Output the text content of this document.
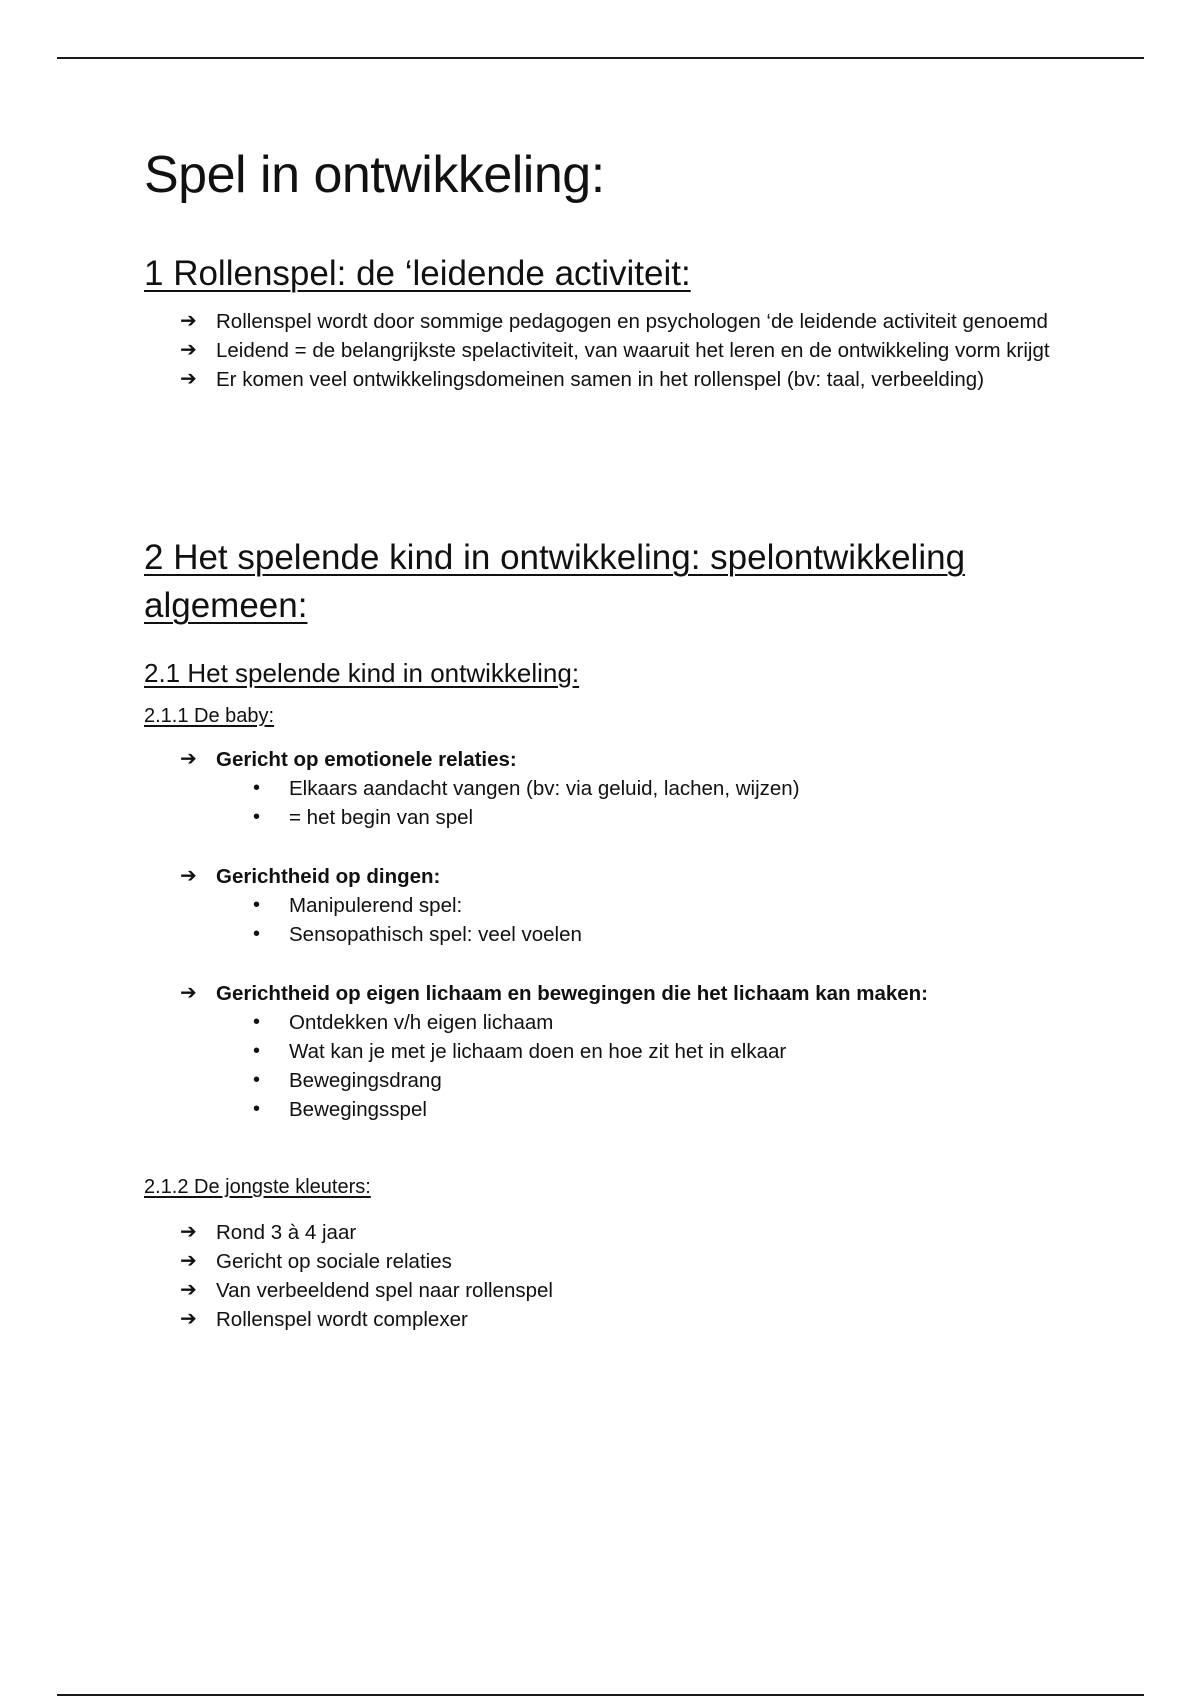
Spel in ontwikkeling:
1 Rollenspel: de ‘leidende activiteit:
➔ Rollenspel wordt door sommige pedagogen en psychologen ‘de leidende activiteit genoemd
➔ Leidend = de belangrijkste spelactiviteit, van waaruit het leren en de ontwikkeling vorm krijgt
➔ Er komen veel ontwikkelingsdomeinen samen in het rollenspel (bv: taal, verbeelding)
2 Het spelende kind in ontwikkeling: spelontwikkeling
algemeen:
2.1 Het spelende kind in ontwikkeling:
2.1.1 De baby:
➔ Gericht op emotionele relaties:
• Elkaars aandacht vangen (bv: via geluid, lachen, wijzen)
• = het begin van spel
➔ Gerichtheid op dingen:
• Manipulerend spel:
• Sensopathisch spel: veel voelen
➔ Gerichtheid op eigen lichaam en bewegingen die het lichaam kan maken:
• Ontdekken v/h eigen lichaam
• Wat kan je met je lichaam doen en hoe zit het in elkaar
• Bewegingsdrang
• Bewegingsspel
2.1.2 De jongste kleuters:
➔ Rond 3 à 4 jaar
➔ Gericht op sociale relaties
➔ Van verbeeldend spel naar rollenspel
➔ Rollenspel wordt complexer
